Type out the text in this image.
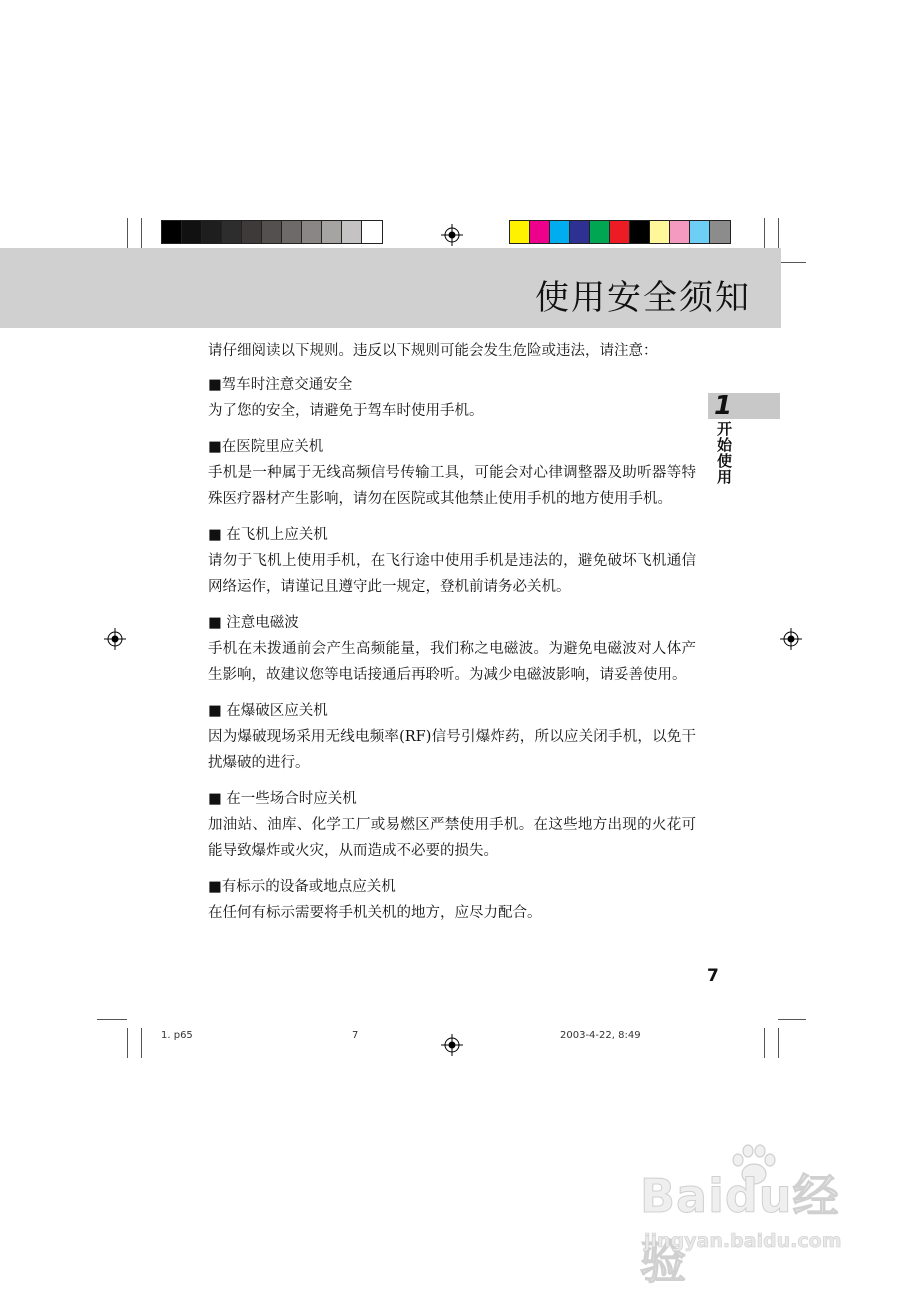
使用安全须知
1
开始使用

请仔细阅读以下规则。违反以下规则可能会发生危险或违法，请注意：

■驾车时注意交通安全

为了您的安全，请避免于驾车时使用手机。

■在医院里应关机

手机是一种属于无线高频信号传输工具，可能会对心律调整器及助听器等特殊医疗器材产生影响，请勿在医院或其他禁止使用手机的地方使用手机。

■ 在飞机上应关机

请勿于飞机上使用手机，在飞行途中使用手机是违法的，避免破坏飞机通信网络运作，请谨记且遵守此一规定，登机前请务必关机。

■ 注意电磁波

手机在未拨通前会产生高频能量，我们称之电磁波。为避免电磁波对人体产生影响，故建议您等电话接通后再聆听。为减少电磁波影响，请妥善使用。

■ 在爆破区应关机

因为爆破现场采用无线电频率(RF)信号引爆炸药，所以应关闭手机，以免干扰爆破的进行。

■ 在一些场合时应关机

加油站、油库、化学工厂或易燃区严禁使用手机。在这些地方出现的火花可能导致爆炸或火灾，从而造成不必要的损失。

■有标示的设备或地点应关机

在任何有标示需要将手机关机的地方，应尽力配合。

7
1. p65	7	2003-4-22, 8:49
Baidu经验
jingyan.baidu.com
